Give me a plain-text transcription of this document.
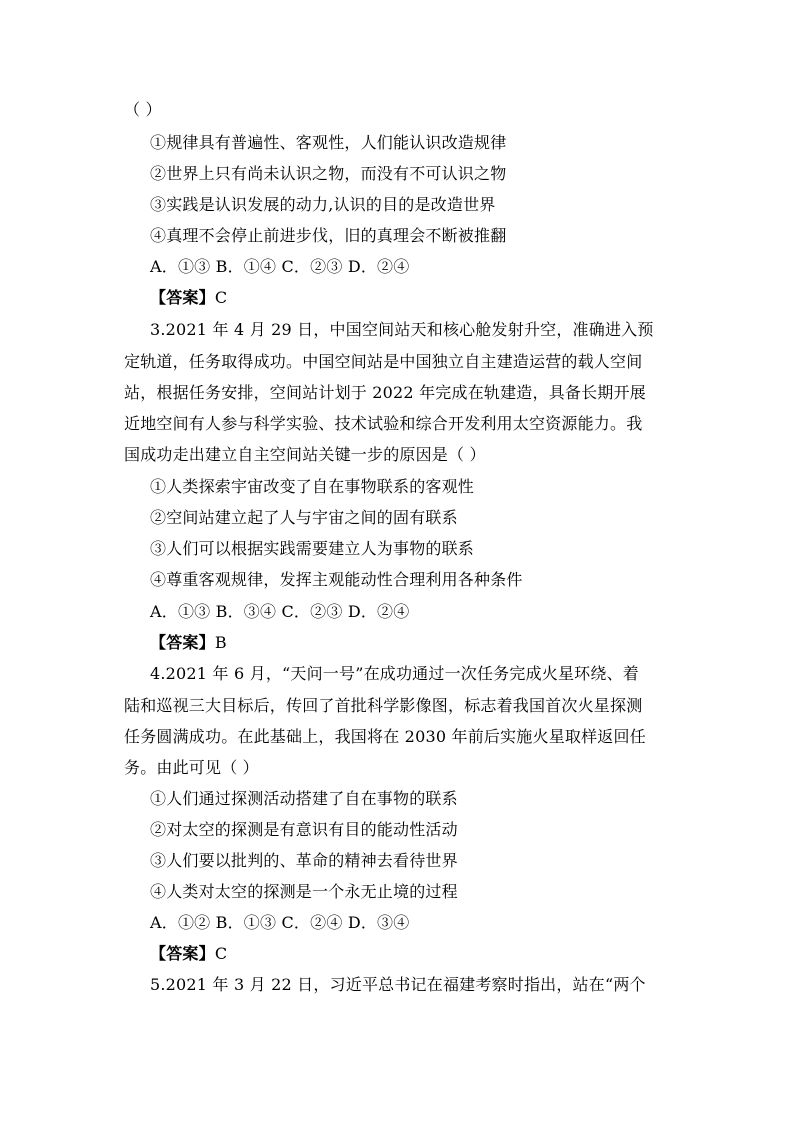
（ ）
①规律具有普遍性、客观性，人们能认识改造规律
②世界上只有尚未认识之物，而没有不可认识之物
③实践是认识发展的动力,认识的目的是改造世界
④真理不会停止前进步伐，旧的真理会不断被推翻
A．①③ B．①④ C．②③ D．②④
【答案】C
3.2021 年 4 月 29 日，中国空间站天和核心舱发射升空，准确进入预
定轨道，任务取得成功。中国空间站是中国独立自主建造运营的载人空间
站，根据任务安排，空间站计划于 2022 年完成在轨建造，具备长期开展
近地空间有人参与科学实验、技术试验和综合开发利用太空资源能力。我
国成功走出建立自主空间站关键一步的原因是（ ）
①人类探索宇宙改变了自在事物联系的客观性
②空间站建立起了人与宇宙之间的固有联系
③人们可以根据实践需要建立人为事物的联系
④尊重客观规律，发挥主观能动性合理利用各种条件
A．①③ B．③④ C．②③ D．②④
【答案】B
4.2021 年 6 月，“天问一号”在成功通过一次任务完成火星环绕、着
陆和巡视三大目标后，传回了首批科学影像图，标志着我国首次火星探测
任务圆满成功。在此基础上，我国将在 2030 年前后实施火星取样返回任
务。由此可见（ ）
①人们通过探测活动搭建了自在事物的联系
②对太空的探测是有意识有目的能动性活动
③人们要以批判的、革命的精神去看待世界
④人类对太空的探测是一个永无止境的过程
A．①② B．①③ C．②④ D．③④
【答案】C
5.2021 年 3 月 22 日，习近平总书记在福建考察时指出，站在“两个
